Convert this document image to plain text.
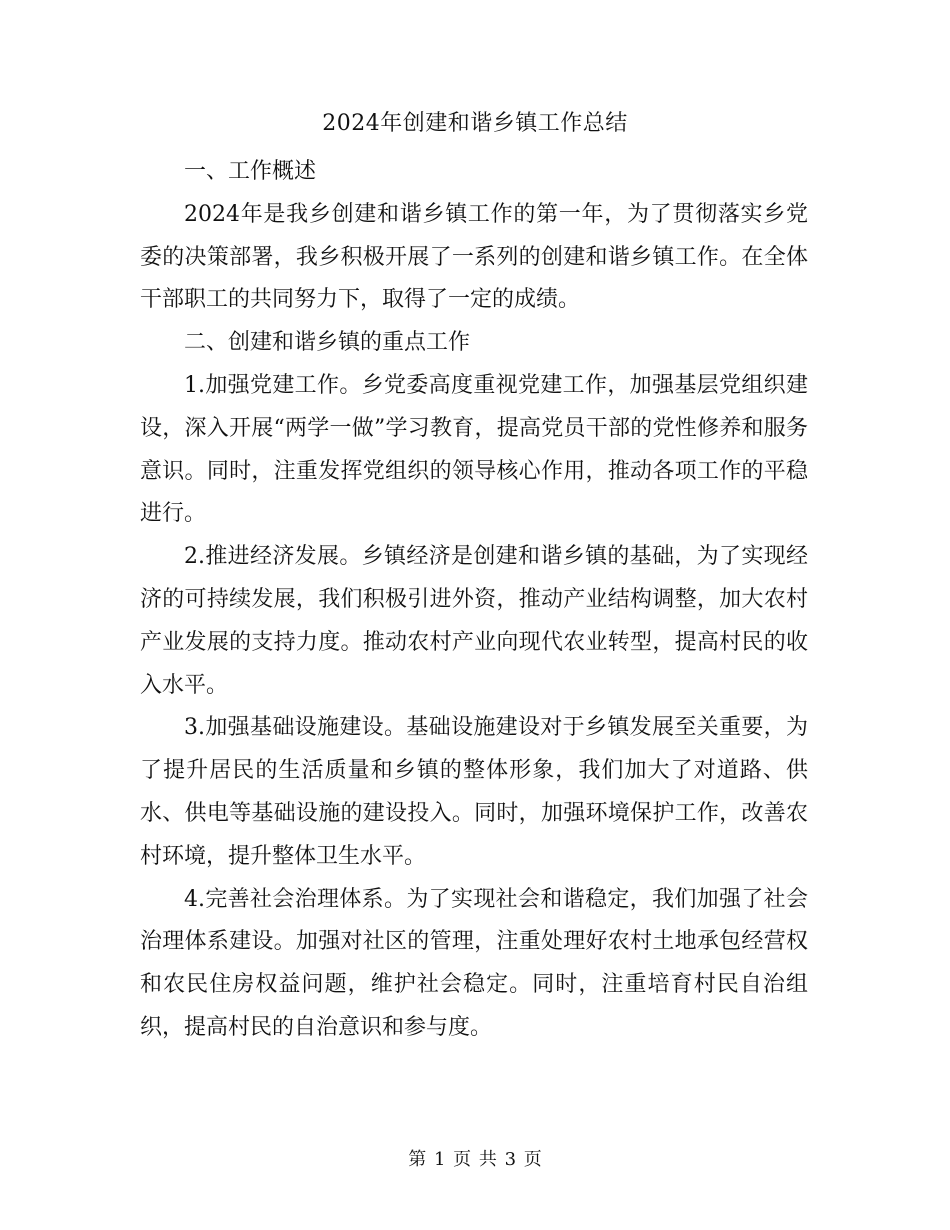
2024年创建和谐乡镇工作总结

一、工作概述

2024年是我乡创建和谐乡镇工作的第一年，为了贯彻落实乡党委的决策部署，我乡积极开展了一系列的创建和谐乡镇工作。在全体干部职工的共同努力下，取得了一定的成绩。

二、创建和谐乡镇的重点工作

1.加强党建工作。乡党委高度重视党建工作，加强基层党组织建设，深入开展“两学一做”学习教育，提高党员干部的党性修养和服务意识。同时，注重发挥党组织的领导核心作用，推动各项工作的平稳进行。

2.推进经济发展。乡镇经济是创建和谐乡镇的基础，为了实现经济的可持续发展，我们积极引进外资，推动产业结构调整，加大农村产业发展的支持力度。推动农村产业向现代农业转型，提高村民的收入水平。

3.加强基础设施建设。基础设施建设对于乡镇发展至关重要，为了提升居民的生活质量和乡镇的整体形象，我们加大了对道路、供水、供电等基础设施的建设投入。同时，加强环境保护工作，改善农村环境，提升整体卫生水平。

4.完善社会治理体系。为了实现社会和谐稳定，我们加强了社会治理体系建设。加强对社区的管理，注重处理好农村土地承包经营权和农民住房权益问题，维护社会稳定。同时，注重培育村民自治组织，提高村民的自治意识和参与度。

第 1 页 共 3 页
